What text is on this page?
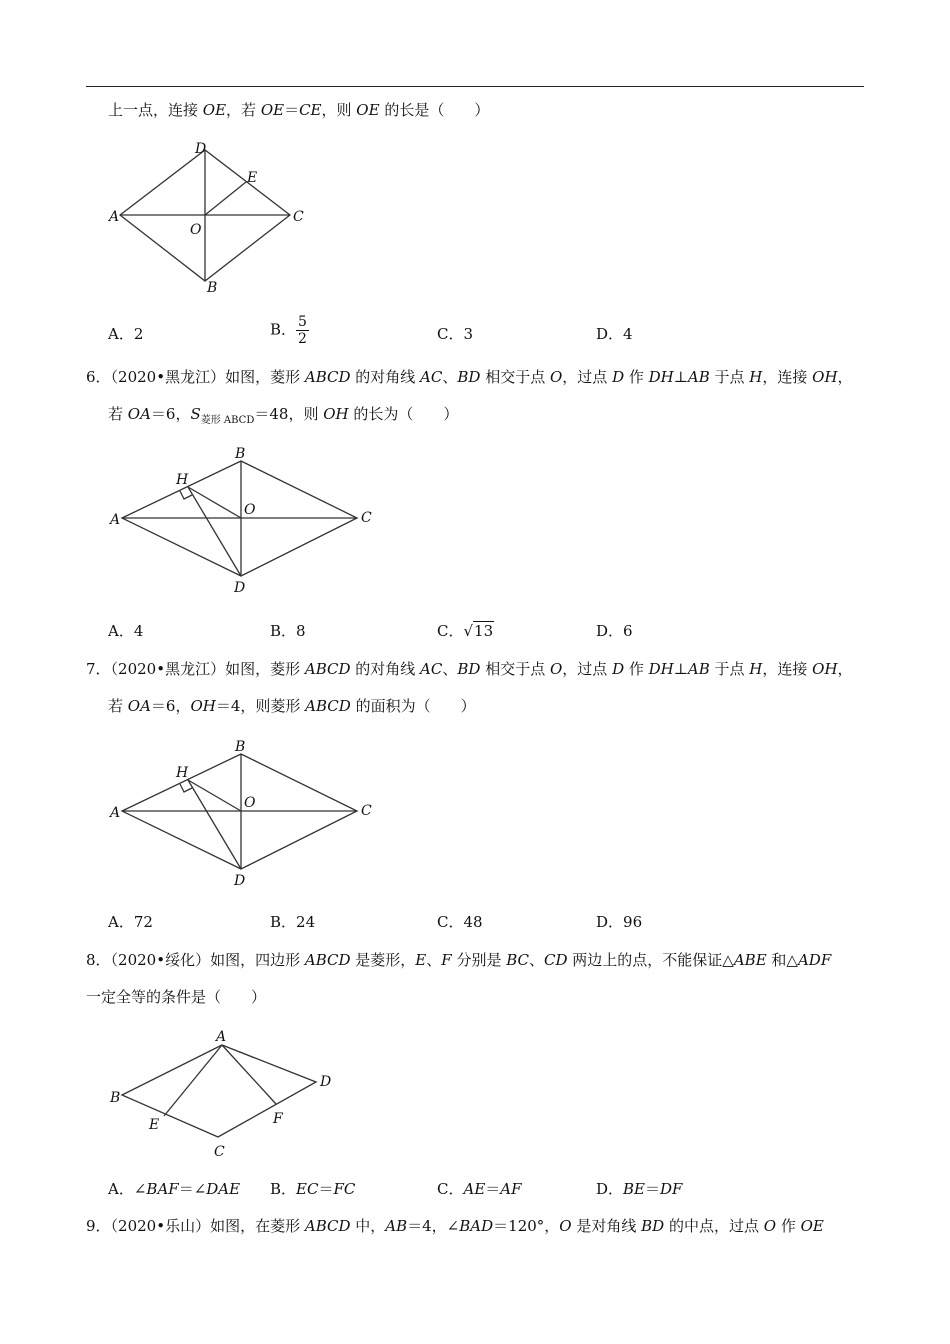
上一点，连接 OE，若 OE＝CE，则 OE 的长是（　　）
D
E
A	C
O
B
A．2	B． $\frac{5}{2}$	C．3	D．4
6．（2020•黑龙江）如图，菱形 ABCD 的对角线 AC、BD 相交于点 O，过点 D 作 DH⊥AB 于点 H，连接 OH，
若 OA＝6，$S_{菱形 ABCD}=48$，则 OH 的长为（　　）
B
H
O
A	C
D
A．4	B．8	C．√13	D．6
7．（2020•黑龙江）如图，菱形 ABCD 的对角线 AC、BD 相交于点 O，过点 D 作 DH⊥AB 于点 H，连接 OH，
若 OA＝6，OH＝4，则菱形 ABCD 的面积为（　　）
B
H
O
A	C
D
A．72	B．24	C．48	D．96
8．（2020•绥化）如图，四边形 ABCD 是菱形，E、F 分别是 BC、CD 两边上的点，不能保证△ABE 和△ADF
一定全等的条件是（　　）
A
B
D
E	F
C
A．∠BAF＝∠DAE B．EC＝FC	C．AE＝AF	D．BE＝DF
9．（2020•乐山）如图，在菱形 ABCD 中，AB＝4，∠BAD＝120°，O 是对角线 BD 的中点，过点 O 作 OE
